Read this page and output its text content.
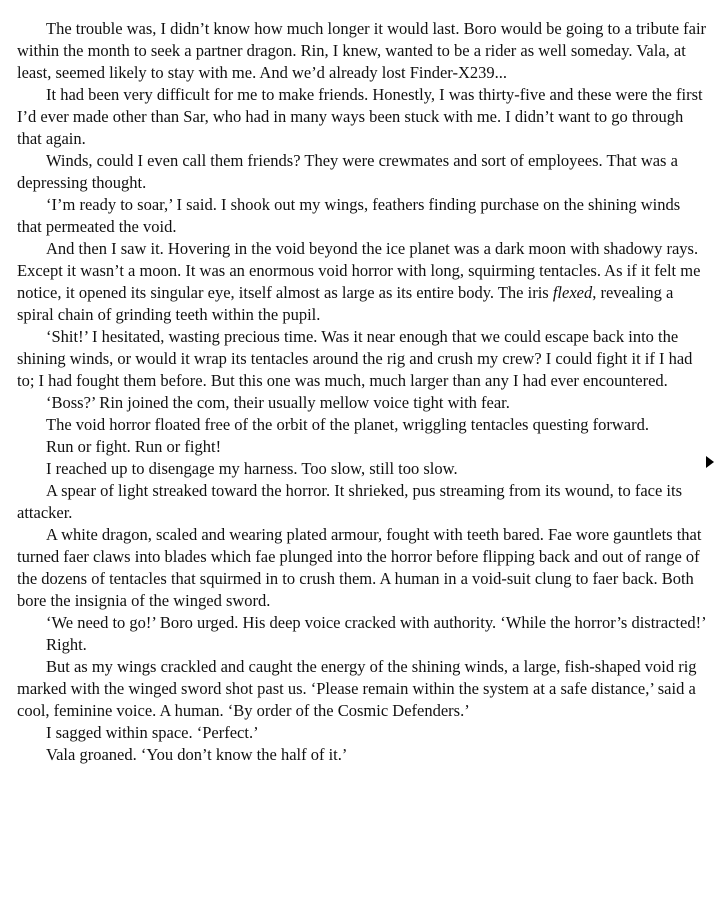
The trouble was, I didn’t know how much longer it would last. Boro would be going to a tribute fair within the month to seek a partner dragon. Rin, I knew, wanted to be a rider as well someday. Vala, at least, seemed likely to stay with me. And we’d already lost Finder-X239...

It had been very difficult for me to make friends. Honestly, I was thirty-five and these were the first I’d ever made other than Sar, who had in many ways been stuck with me. I didn’t want to go through that again.

Winds, could I even call them friends? They were crewmates and sort of employees. That was a depressing thought.

‘I’m ready to soar,’ I said. I shook out my wings, feathers finding purchase on the shining winds that permeated the void.

And then I saw it. Hovering in the void beyond the ice planet was a dark moon with shadowy rays. Except it wasn’t a moon. It was an enormous void horror with long, squirming tentacles. As if it felt me notice, it opened its singular eye, itself almost as large as its entire body. The iris flexed, revealing a spiral chain of grinding teeth within the pupil.

‘Shit!’ I hesitated, wasting precious time. Was it near enough that we could escape back into the shining winds, or would it wrap its tentacles around the rig and crush my crew? I could fight it if I had to; I had fought them before. But this one was much, much larger than any I had ever encountered.

‘Boss?’ Rin joined the com, their usually mellow voice tight with fear.

The void horror floated free of the orbit of the planet, wriggling tentacles questing forward.

Run or fight. Run or fight!

I reached up to disengage my harness. Too slow, still too slow.

A spear of light streaked toward the horror. It shrieked, pus streaming from its wound, to face its attacker.

A white dragon, scaled and wearing plated armour, fought with teeth bared. Fae wore gauntlets that turned faer claws into blades which fae plunged into the horror before flipping back and out of range of the dozens of tentacles that squirmed in to crush them. A human in a void-suit clung to faer back. Both bore the insignia of the winged sword.

‘We need to go!’ Boro urged. His deep voice cracked with authority. ‘While the horror’s distracted!’

Right.

But as my wings crackled and caught the energy of the shining winds, a large, fish-shaped void rig marked with the winged sword shot past us. ‘Please remain within the system at a safe distance,’ said a cool, feminine voice. A human. ‘By order of the Cosmic Defenders.’

I sagged within space. ‘Perfect.’

Vala groaned. ‘You don’t know the half of it.’
